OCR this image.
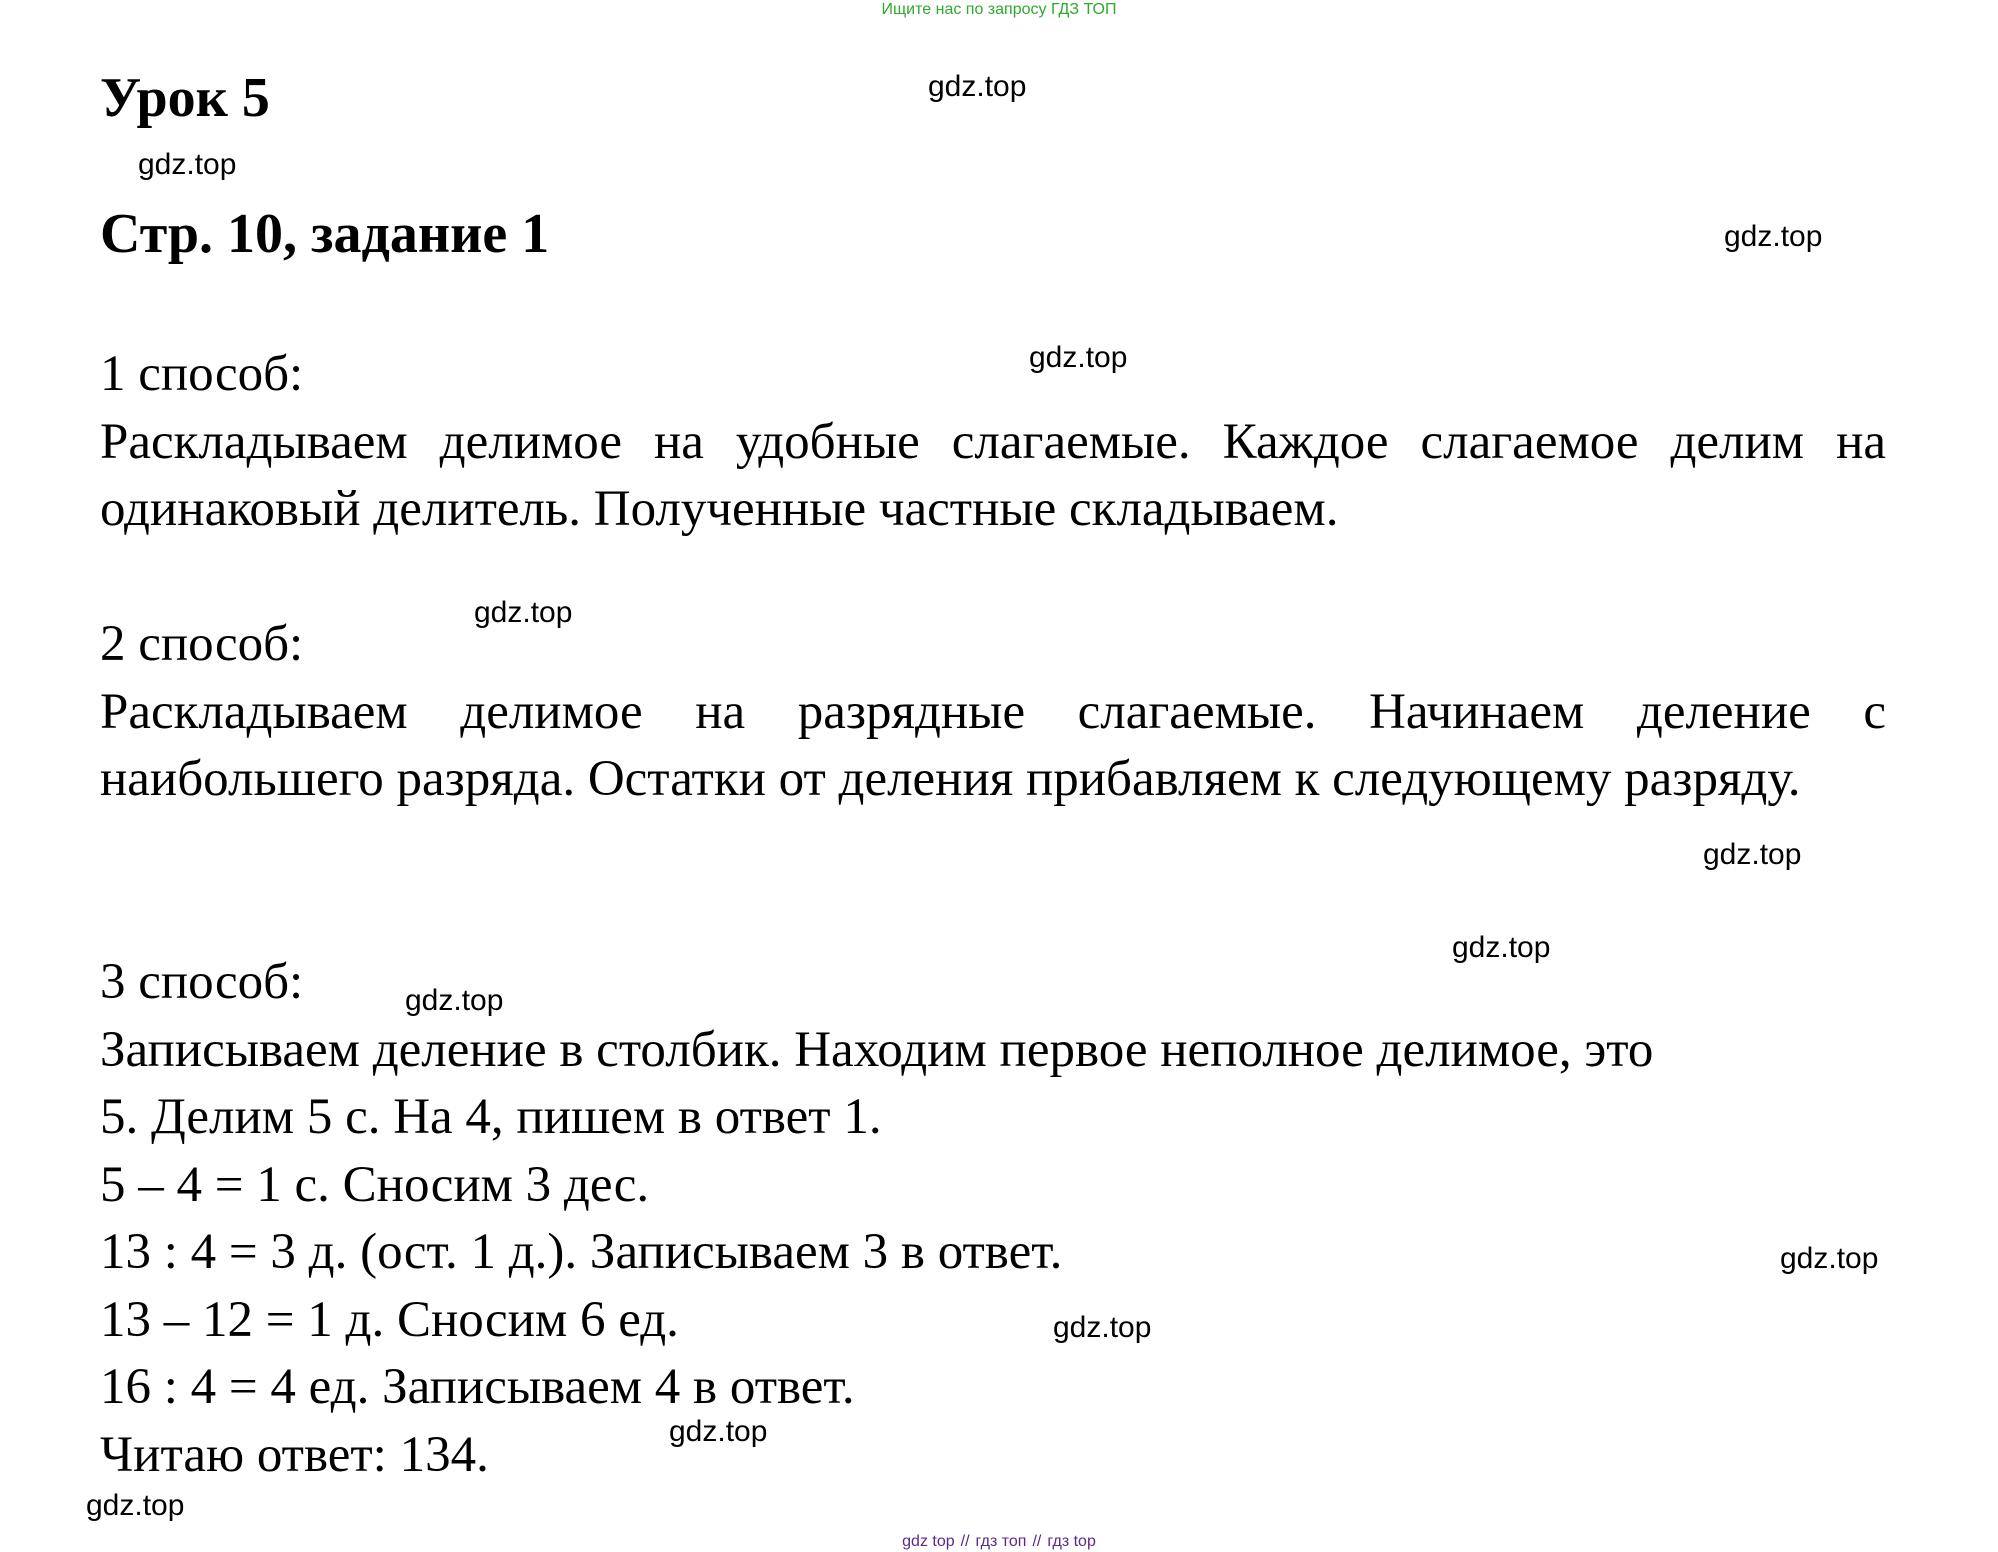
Ищите нас по запросу ГДЗ ТОП
Урок 5
Стр. 10, задание 1

1 способ:

Раскладываем делимое на удобные слагаемые. Каждое слагаемое делим на одинаковый делитель. Полученные частные складываем.

2 способ:

Раскладываем делимое на разрядные слагаемые. Начинаем деление с наибольшего разряда. Остатки от деления прибавляем к следующему разряду.

3 способ:

Записываем деление в столбик. Находим первое неполное делимое, это

5. Делим 5 с. На 4, пишем в ответ 1.

5 – 4 = 1 с. Сносим 3 дес.

13 : 4 = 3 д. (ост. 1 д.). Записываем 3 в ответ.

13 – 12 = 1 д. Сносим 6 ед.

16 : 4 = 4 ед. Записываем 4 в ответ.

Читаю ответ: 134.

gdz.top
gdz.top
gdz.top
gdz.top
gdz.top
gdz.top
gdz.top
gdz.top
gdz.top
gdz.top
gdz.top
gdz.top
gdz top // гдз топ // гдз top
